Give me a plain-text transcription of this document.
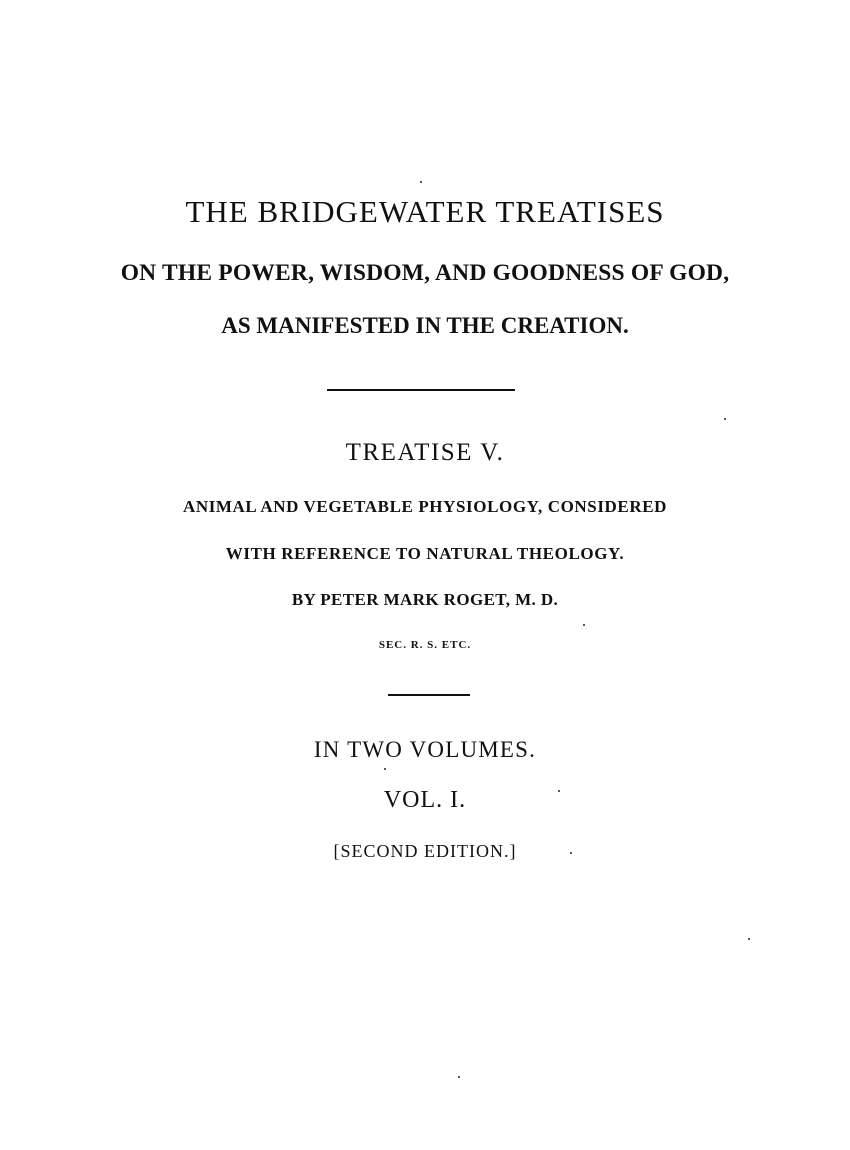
THE BRIDGEWATER TREATISES
ON THE POWER, WISDOM, AND GOODNESS OF GOD,
AS MANIFESTED IN THE CREATION.
TREATISE V.
ANIMAL AND VEGETABLE PHYSIOLOGY, CONSIDERED
WITH REFERENCE TO NATURAL THEOLOGY.
BY PETER MARK ROGET, M. D.
SEC. R. S. ETC.
IN TWO VOLUMES.
VOL. I.
[SECOND EDITION.]
